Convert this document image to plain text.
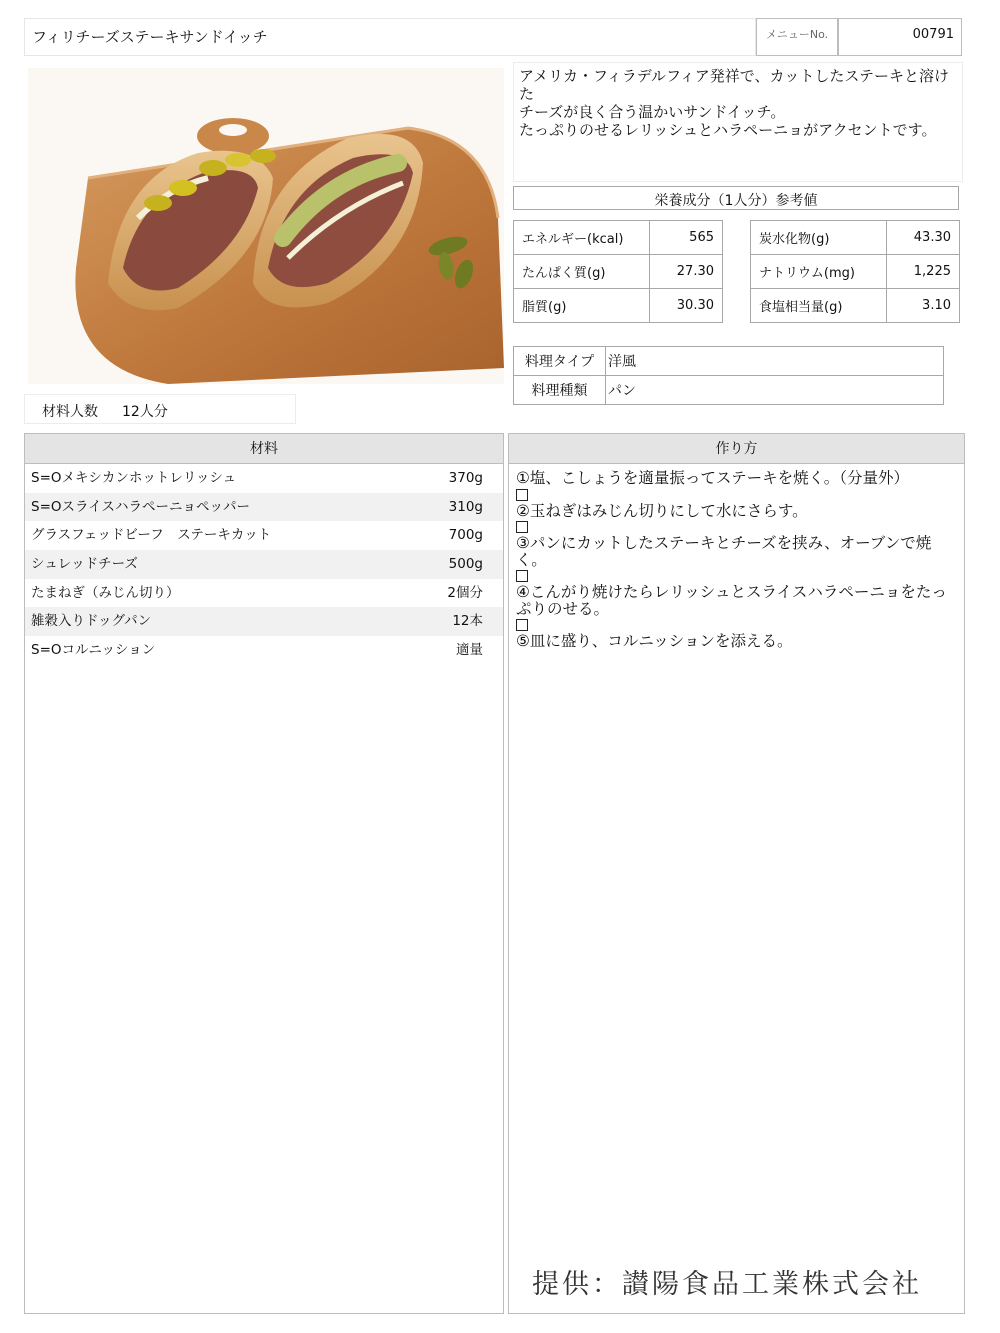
フィリチーズステーキサンドイッチ	メニューNo.	00791
アメリカ・フィラデルフィア発祥で、カットしたステーキと溶けた
チーズが良く合う温かいサンドイッチ。
たっぷりのせるレリッシュとハラペーニョがアクセントです。
栄養成分（1人分）参考値
エネルギー(kcal)	565
たんぱく質(g)	27.30
脂質(g)	30.30
炭水化物(g)	43.30
ナトリウム(mg)	1,225
食塩相当量(g)	3.10
料理タイプ	洋風
料理種類	パン
材料人数 12人分
材料
S=Oメキシカンホットレリッシュ	370g
S=Oスライスハラペーニョペッパー	310g
グラスフェッドビーフ　ステーキカット	700g
シュレッドチーズ	500g
たまねぎ（みじん切り）	2個分
雑穀入りドッグパン	12本
S=Oコルニッション	適量
作り方
①塩、こしょうを適量振ってステーキを焼く。（分量外）
②玉ねぎはみじん切りにして水にさらす。
③パンにカットしたステーキとチーズを挟み、オーブンで焼く。
④こんがり焼けたらレリッシュとスライスハラペーニョをたっぷりのせる。
⑤皿に盛り、コルニッションを添える。
提供：讃陽食品工業株式会社
